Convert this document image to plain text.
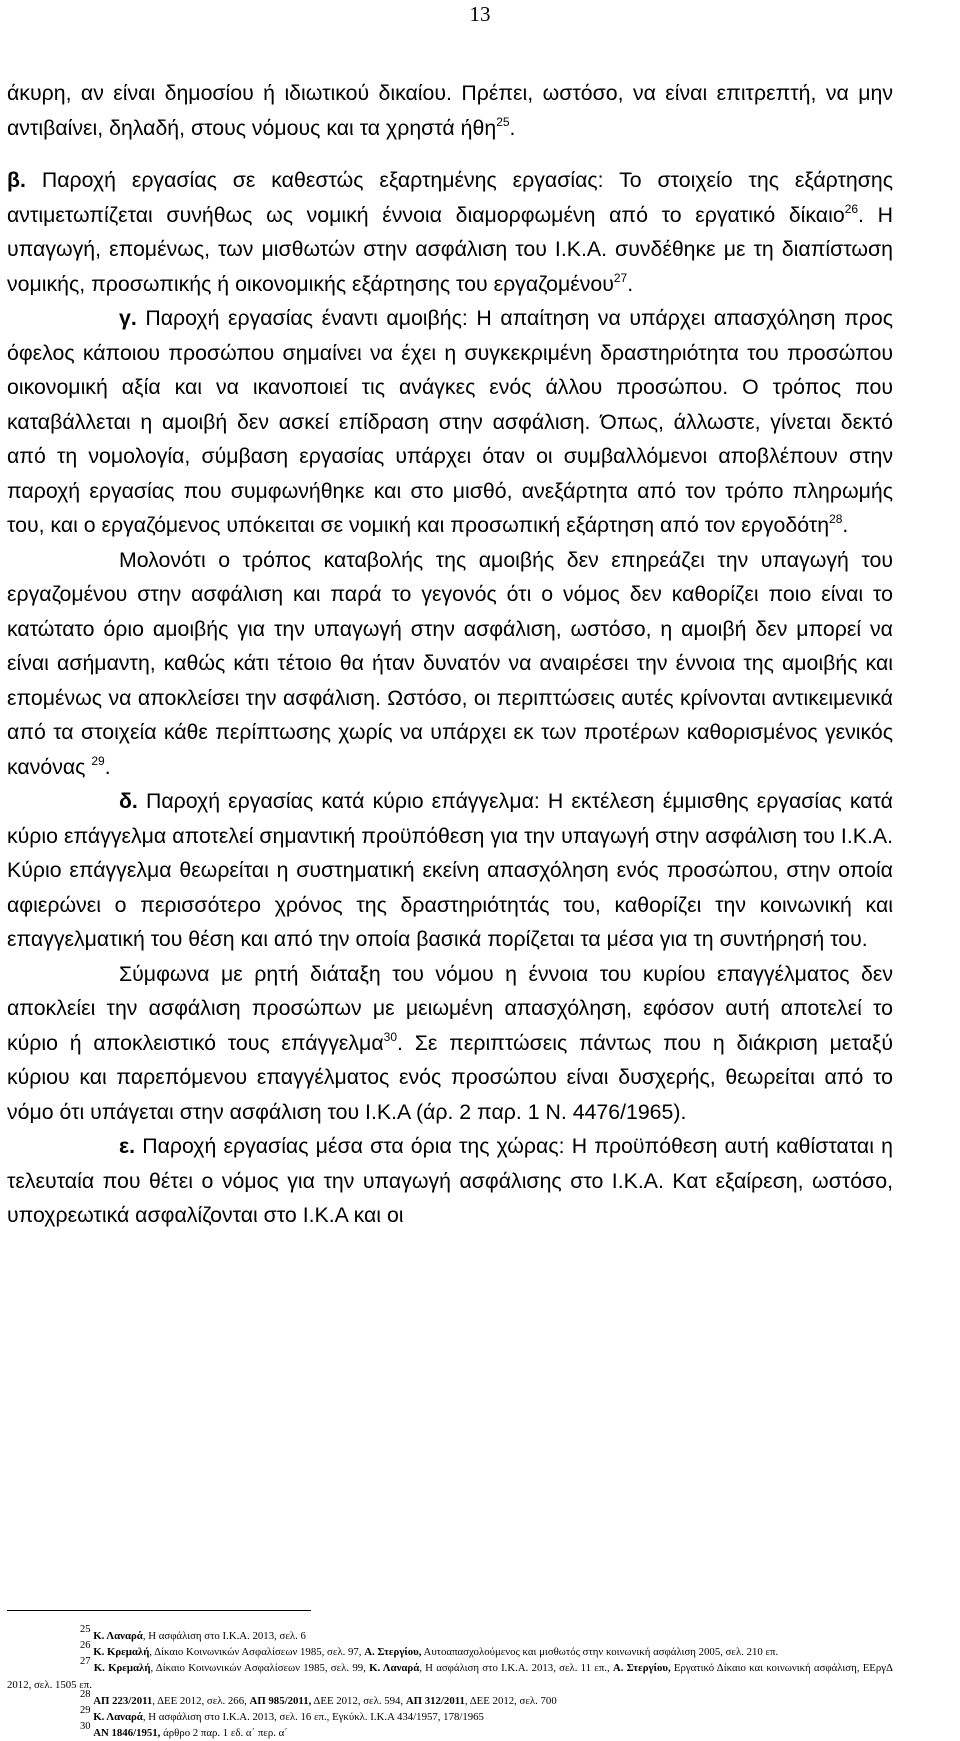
13

άκυρη, αν είναι δημοσίου ή ιδιωτικού δικαίου. Πρέπει, ωστόσο, να είναι επιτρεπτή, να μην αντιβαίνει, δηλαδή, στους νόμους και τα χρηστά ήθη$^{25}$.

β. Παροχή εργασίας σε καθεστώς εξαρτημένης εργασίας: Το στοιχείο της εξάρτησης αντιμετωπίζεται συνήθως ως νομική έννοια διαμορφωμένη από το εργατικό δίκαιο$^{26}$. Η υπαγωγή, επομένως, των μισθωτών στην ασφάλιση του Ι.Κ.Α. συνδέθηκε με τη διαπίστωση νομικής, προσωπικής ή οικονομικής εξάρτησης του εργαζομένου$^{27}$.

γ. Παροχή εργασίας έναντι αμοιβής: Η απαίτηση να υπάρχει απασχόληση προς όφελος κάποιου προσώπου σημαίνει να έχει η συγκεκριμένη δραστηριότητα του προσώπου οικονομική αξία και να ικανοποιεί τις ανάγκες ενός άλλου προσώπου. Ο τρόπος που καταβάλλεται η αμοιβή δεν ασκεί επίδραση στην ασφάλιση. Όπως, άλλωστε, γίνεται δεκτό από τη νομολογία, σύμβαση εργασίας υπάρχει όταν οι συμβαλλόμενοι αποβλέπουν στην παροχή εργασίας που συμφωνήθηκε και στο μισθό, ανεξάρτητα από τον τρόπο πληρωμής του, και ο εργαζόμενος υπόκειται σε νομική και προσωπική εξάρτηση από τον εργοδότη$^{28}$.

Μολονότι ο τρόπος καταβολής της αμοιβής δεν επηρεάζει την υπαγωγή του εργαζομένου στην ασφάλιση και παρά το γεγονός ότι ο νόμος δεν καθορίζει ποιο είναι το κατώτατο όριο αμοιβής για την υπαγωγή στην ασφάλιση, ωστόσο, η αμοιβή δεν μπορεί να είναι ασήμαντη, καθώς κάτι τέτοιο θα ήταν δυνατόν να αναιρέσει την έννοια της αμοιβής και επομένως να αποκλείσει την ασφάλιση. Ωστόσο, οι περιπτώσεις αυτές κρίνονται αντικειμενικά από τα στοιχεία κάθε περίπτωσης χωρίς να υπάρχει εκ των προτέρων καθορισμένος γενικός κανόνας $^{29}$.

δ. Παροχή εργασίας κατά κύριο επάγγελμα: Η εκτέλεση έμμισθης εργασίας κατά κύριο επάγγελμα αποτελεί σημαντική προϋπόθεση για την υπαγωγή στην ασφάλιση του Ι.Κ.Α. Κύριο επάγγελμα θεωρείται η συστηματική εκείνη απασχόληση ενός προσώπου, στην οποία αφιερώνει ο περισσότερο χρόνος της δραστηριότητάς του, καθορίζει την κοινωνική και επαγγελματική του θέση και από την οποία βασικά πορίζεται τα μέσα για τη συντήρησή του.

Σύμφωνα με ρητή διάταξη του νόμου η έννοια του κυρίου επαγγέλματος δεν αποκλείει την ασφάλιση προσώπων με μειωμένη απασχόληση, εφόσον αυτή αποτελεί το κύριο ή αποκλειστικό τους επάγγελμα$^{30}$. Σε περιπτώσεις πάντως που η διάκριση μεταξύ κύριου και παρεπόμενου επαγγέλματος ενός προσώπου είναι δυσχερής, θεωρείται από το νόμο ότι υπάγεται στην ασφάλιση του Ι.Κ.Α (άρ. 2 παρ. 1 Ν. 4476/1965).

ε. Παροχή εργασίας μέσα στα όρια της χώρας: Η προϋπόθεση αυτή καθίσταται η τελευταία που θέτει ο νόμος για την υπαγωγή ασφάλισης στο Ι.Κ.Α. Κατ εξαίρεση, ωστόσο, υποχρεωτικά ασφαλίζονται στο Ι.Κ.Α και οι

$^{25}$ Κ. Λαναρά, Η ασφάλιση στο Ι.Κ.Α. 2013, σελ. 6

$^{26}$ Κ. Κρεμαλή, Δίκαιο Κοινωνικών Ασφαλίσεων 1985, σελ. 97, Α. Στεργίου, Αυτοαπασχολούμενος και μισθωτός στην κοινωνική ασφάλιση 2005, σελ. 210 επ.

$^{27}$ Κ. Κρεμαλή, Δίκαιο Κοινωνικών Ασφαλίσεων 1985, σελ. 99, Κ. Λαναρά, Η ασφάλιση στο Ι.Κ.Α. 2013, σελ. 11 επ., Α. Στεργίου, Εργατικό Δίκαιο και κοινωνική ασφάλιση, ΕΕργΔ 2012, σελ. 1505 επ.

$^{28}$ ΑΠ 223/2011, ΔΕΕ 2012, σελ. 266, ΑΠ 985/2011, ΔΕΕ 2012, σελ. 594, ΑΠ 312/2011, ΔΕΕ 2012, σελ. 700

$^{29}$ Κ. Λαναρά, Η ασφάλιση στο Ι.Κ.Α. 2013, σελ. 16 επ., Εγκύκλ. Ι.Κ.Α 434/1957, 178/1965

$^{30}$ ΑΝ 1846/1951, άρθρο 2 παρ. 1 εδ. α΄ περ. α΄
